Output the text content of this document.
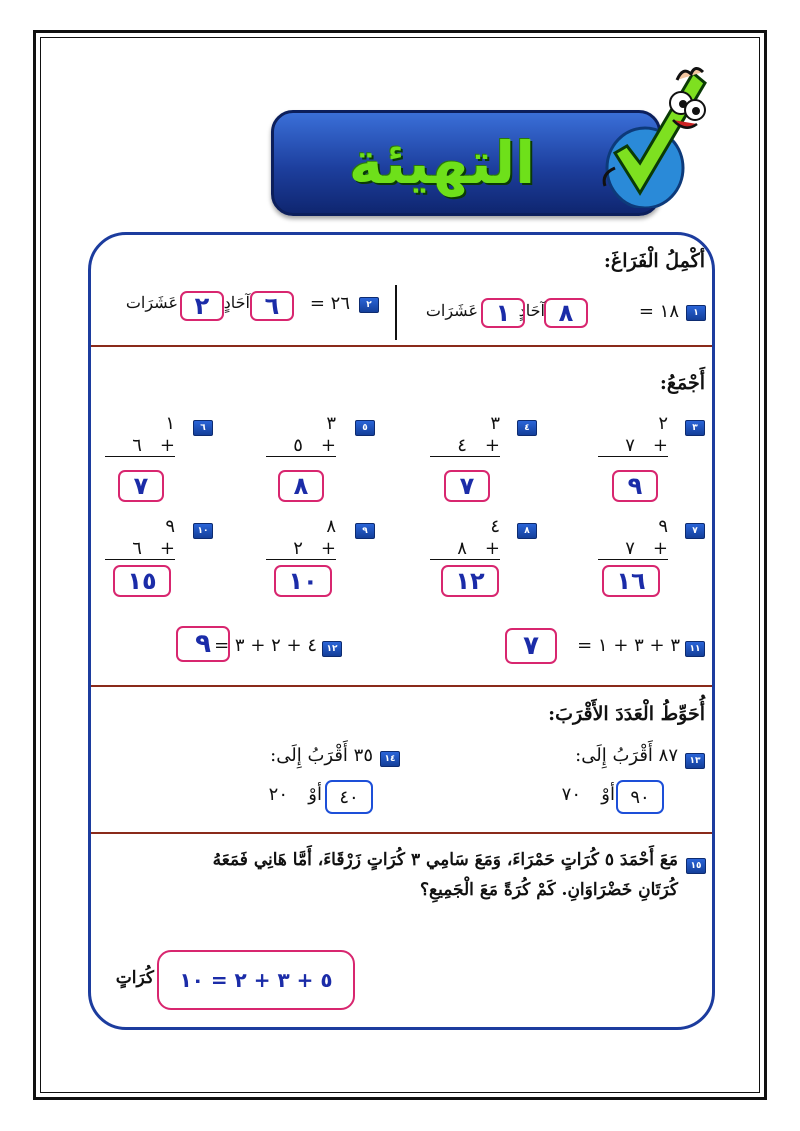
التهيئة
أكْمِلُ الْفَرَاغَ:
١
١٨ =
٨
آحَادٍ
١
عَشَرَات
٢
٢٦ =
٦
آحَادٍ
٢
عَشَرَات
أَجْمَعُ:
٣
٢
٧ +
٩
٤
٣
٤ +
٧
٥
٣
٥ +
٨
٦
١
٦ +
٧
٧
٩
٧ +
١٦
٨
٤
٨ +
١٢
٩
٨
٢ +
١٠
١٠
٩
٦ +
١٥
١١
٣ + ٣ + ١ =
٧
١٢
٤ + ٢ + ٣ =
٩
أُحَوِّطُ الْعَدَدَ الأَقْرَبَ:
١٣
٨٧ أَقْرَبُ إِلَى:
٩٠
أوْ
٧٠
١٤
٣٥ أَقْرَبُ إِلَى:
٤٠
أوْ
٢٠
١٥
مَعَ أَحْمَدَ ٥ كُرَاتٍ حَمْرَاءَ، وَمَعَ سَامِي ٣ كُرَاتٍ زَرْقَاءَ، أَمَّا هَانِي فَمَعَهُ
كُرَتَانِ خَضْرَاوَانِ. كَمْ كُرَةً مَعَ الْجَمِيعِ؟
٥ + ٣ + ٢ = ١٠
كُرَاتٍ
